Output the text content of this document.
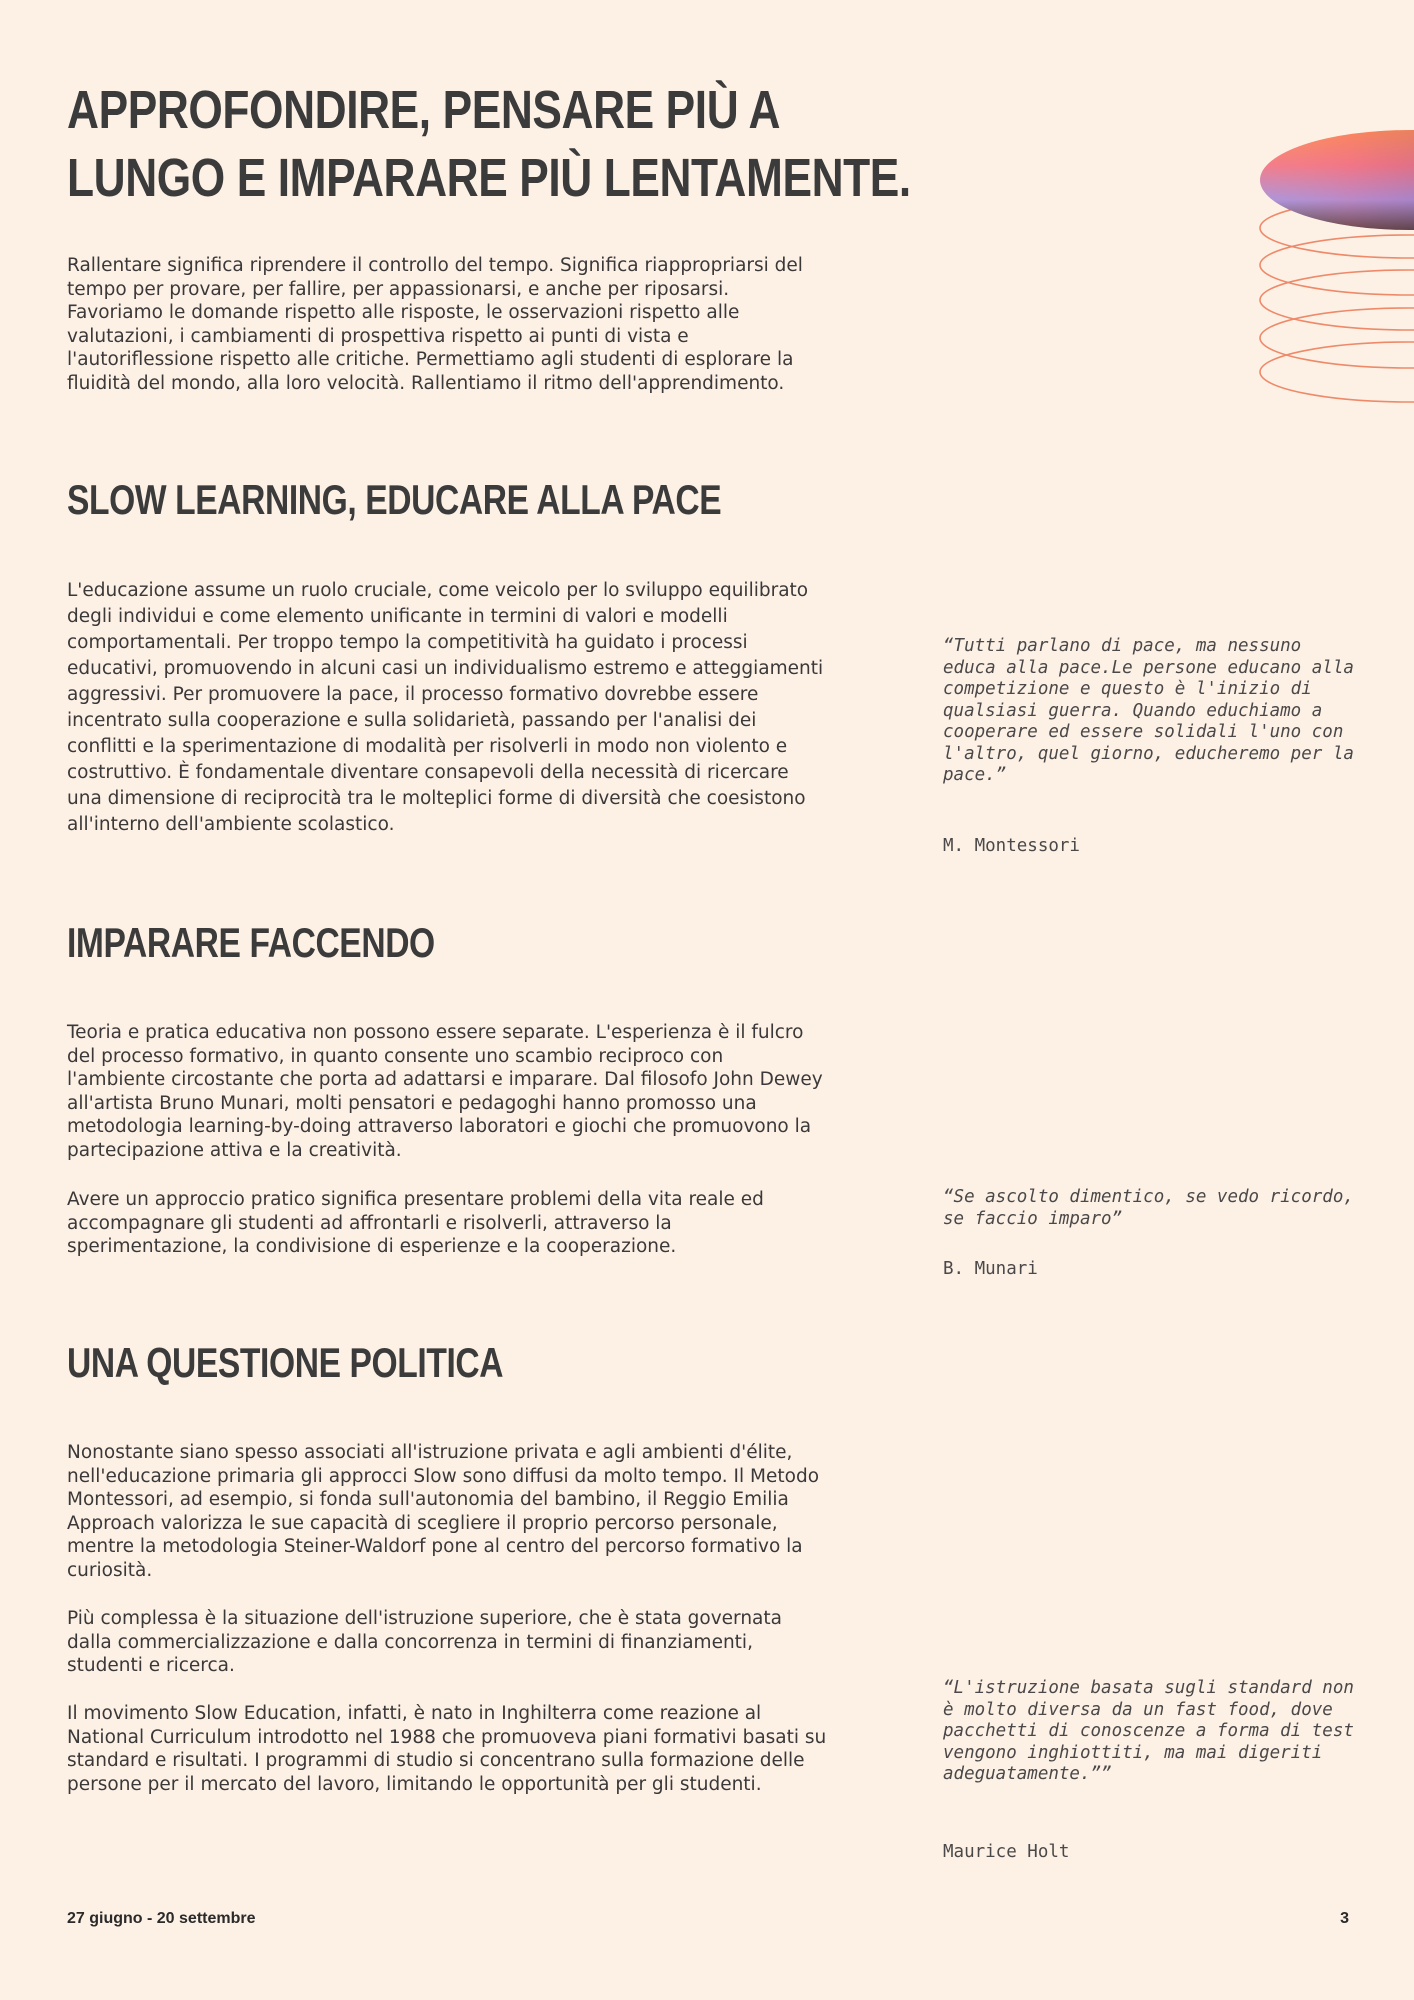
APPROFONDIRE, PENSARE PIÙ A
LUNGO E IMPARARE PIÙ LENTAMENTE.

Rallentare significa riprendere il controllo del tempo. Significa riappropriarsi del tempo per provare, per fallire, per appassionarsi, e anche per riposarsi. Favoriamo le domande rispetto alle risposte, le osservazioni rispetto alle valutazioni, i cambiamenti di prospettiva rispetto ai punti di vista e l'autoriflessione rispetto alle critiche. Permettiamo agli studenti di esplorare la fluidità del mondo, alla loro velocità. Rallentiamo il ritmo dell'apprendimento.

SLOW LEARNING, EDUCARE ALLA PACE

L'educazione assume un ruolo cruciale, come veicolo per lo sviluppo equilibrato degli individui e come elemento unificante in termini di valori e modelli comportamentali. Per troppo tempo la competitività ha guidato i processi educativi, promuovendo in alcuni casi un individualismo estremo e atteggiamenti aggressivi. Per promuovere la pace, il processo formativo dovrebbe essere incentrato sulla cooperazione e sulla solidarietà, passando per l'analisi dei conflitti e la sperimentazione di modalità per risolverli in modo non violento e costruttivo. È fondamentale diventare consapevoli della necessità di ricercare una dimensione di reciprocità tra le molteplici forme di diversità che coesistono all'interno dell'ambiente scolastico.

“Tutti parlano di pace, ma nessuno educa alla pace.Le persone educano alla competizione e questo è l'inizio di qualsiasi guerra. Quando educhiamo a cooperare ed essere solidali l'uno con l'altro, quel giorno, educheremo per la pace.”

M. Montessori

IMPARARE FACCENDO

Teoria e pratica educativa non possono essere separate. L'esperienza è il fulcro del processo formativo, in quanto consente uno scambio reciproco con l'ambiente circostante che porta ad adattarsi e imparare. Dal filosofo John Dewey all'artista Bruno Munari, molti pensatori e pedagoghi hanno promosso una metodologia learning-by-doing attraverso laboratori e giochi che promuovono la partecipazione attiva e la creatività.

Avere un approccio pratico significa presentare problemi della vita reale ed accompagnare gli studenti ad affrontarli e risolverli, attraverso la sperimentazione, la condivisione di esperienze e la cooperazione.

“Se ascolto dimentico, se vedo ricordo, se faccio imparo”

B. Munari

UNA QUESTIONE POLITICA

Nonostante siano spesso associati all'istruzione privata e agli ambienti d'élite, nell'educazione primaria gli approcci Slow sono diffusi da molto tempo. Il Metodo Montessori, ad esempio, si fonda sull'autonomia del bambino, il Reggio Emilia Approach valorizza le sue capacità di scegliere il proprio percorso personale, mentre la metodologia Steiner-Waldorf pone al centro del percorso formativo la curiosità.

Più complessa è la situazione dell'istruzione superiore, che è stata governata dalla commercializzazione e dalla concorrenza in termini di finanziamenti, studenti e ricerca.

Il movimento Slow Education, infatti, è nato in Inghilterra come reazione al National Curriculum introdotto nel 1988 che promuoveva piani formativi basati su standard e risultati. I programmi di studio si concentrano sulla formazione delle persone per il mercato del lavoro, limitando le opportunità per gli studenti.

“L'istruzione basata sugli standard non è molto diversa da un fast food, dove pacchetti di conoscenze a forma di test vengono inghiottiti, ma mai digeriti adeguatamente.””

Maurice Holt

27 giugno - 20 settembre	3
